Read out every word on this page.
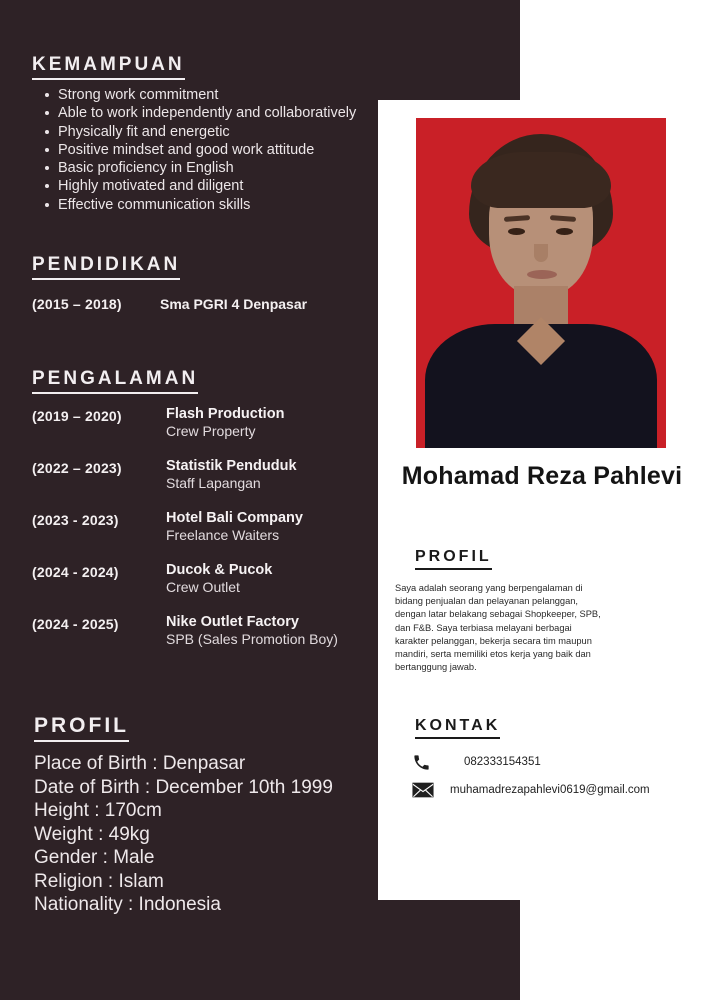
KEMAMPUAN
Strong work commitment
Able to work independently and collaboratively
Physically fit and energetic
Positive mindset and good work attitude
Basic proficiency in English
Highly motivated and diligent
Effective communication skills
PENDIDIKAN
(2015 – 2018)	Sma PGRI 4 Denpasar
PENGALAMAN
(2019 – 2020)	Flash Production
Crew Property
(2022 – 2023)	Statistik Penduduk
Staff Lapangan
(2023 - 2023)	Hotel Bali Company
Freelance Waiters
(2024 - 2024)	Ducok & Pucok
Crew Outlet
(2024 - 2025)	Nike Outlet Factory
SPB (Sales Promotion Boy)
PROFIL
Place of Birth : Denpasar
Date of Birth : December 10th 1999
Height : 170cm
Weight : 49kg
Gender : Male
Religion : Islam
Nationality : Indonesia
Mohamad Reza Pahlevi
PROFIL
Saya adalah seorang yang berpengalaman di
bidang penjualan dan pelayanan pelanggan,
dengan latar belakang sebagai Shopkeeper, SPB,
dan F&B. Saya terbiasa melayani berbagai
karakter pelanggan, bekerja secara tim maupun
mandiri, serta memiliki etos kerja yang baik dan
bertanggung jawab.
KONTAK
082333154351
muhamadrezapahlevi0619@gmail.com
